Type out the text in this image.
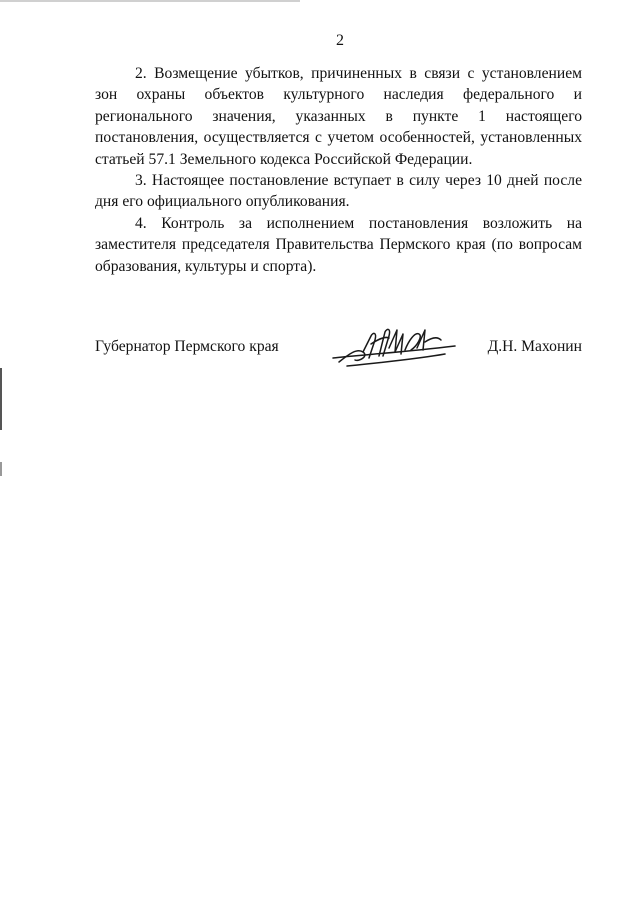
2

2. Возмещение убытков, причиненных в связи с установлением зон охраны объектов культурного наследия федерального и регионального значения, указанных в пункте 1 настоящего постановления, осуществляется с учетом особенностей, установленных статьей 57.1 Земельного кодекса Российской Федерации.

3. Настоящее постановление вступает в силу через 10 дней после дня его официального опубликования.

4. Контроль за исполнением постановления возложить на заместителя председателя Правительства Пермского края (по вопросам образования, культуры и спорта).

Губернатор Пермского края	Д.Н. Махонин
